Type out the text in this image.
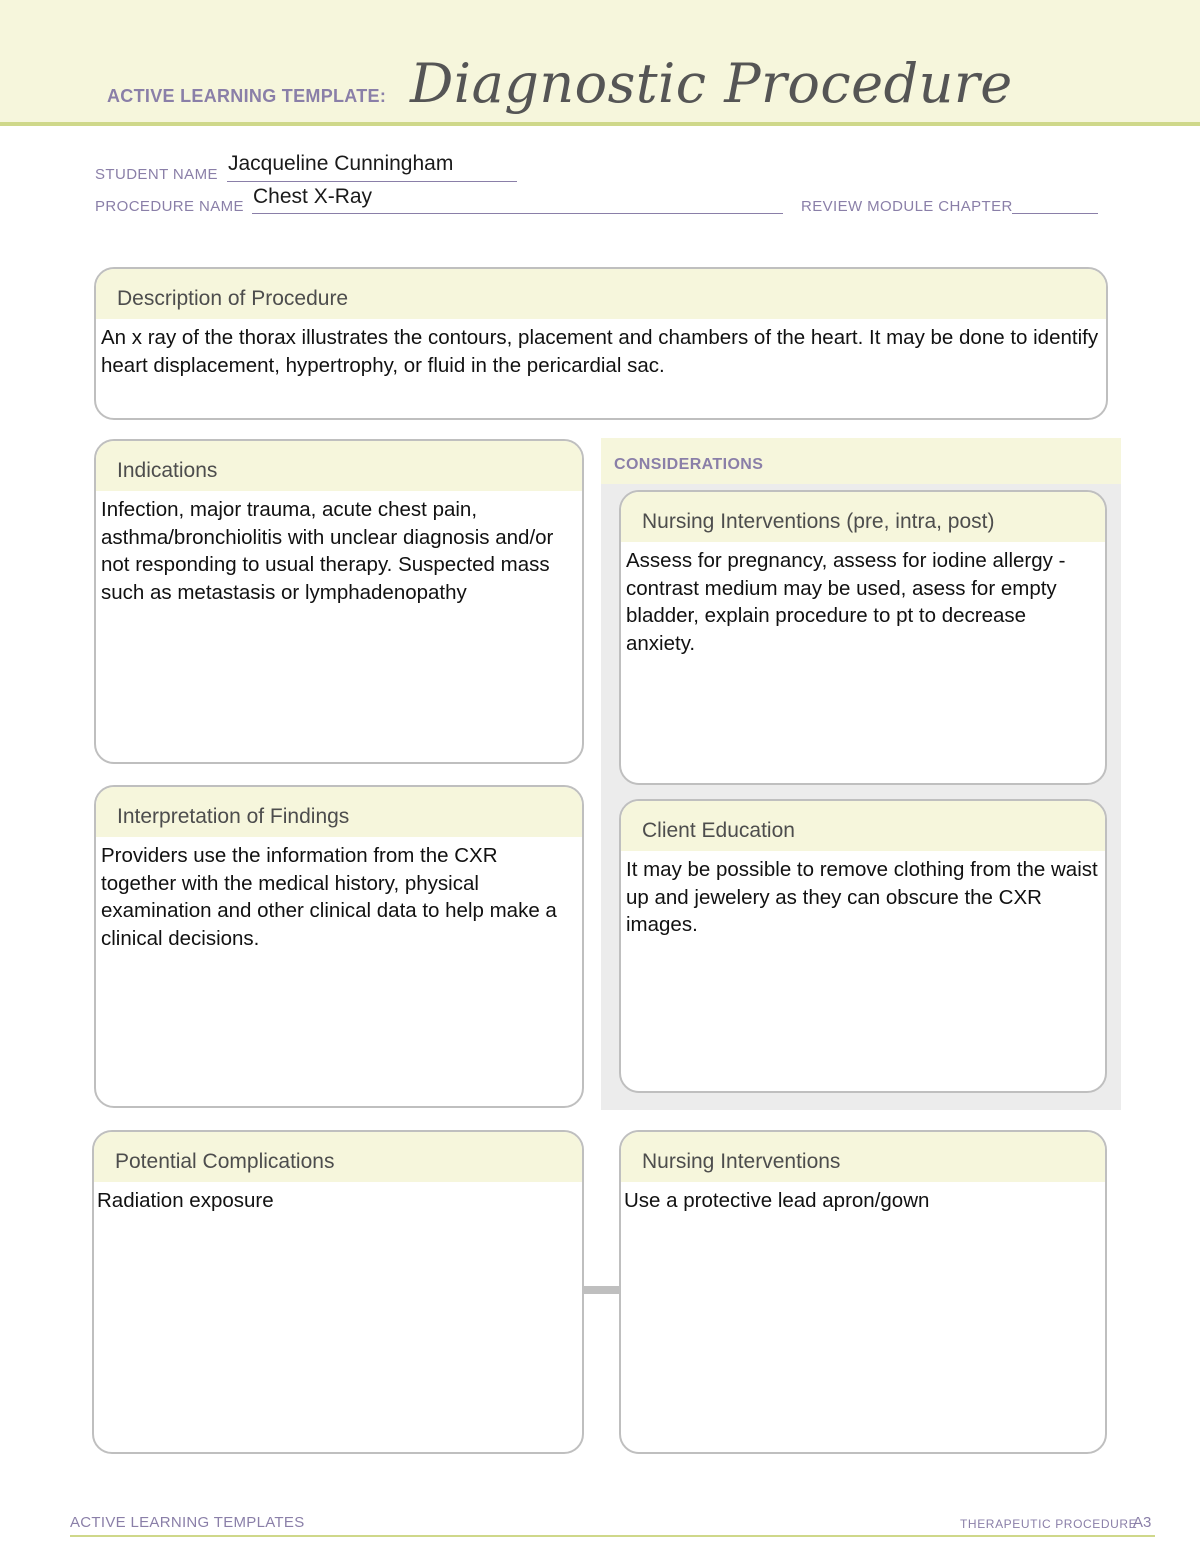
ACTIVE LEARNING TEMPLATE: Diagnostic Procedure
STUDENT NAME Jacqueline Cunningham
PROCEDURE NAME Chest X-Ray	REVIEW MODULE CHAPTER
Description of Procedure
An x ray of the thorax illustrates the contours, placement and chambers of the heart. It may be done to identify heart displacement, hypertrophy, or fluid in the pericardial sac.
Indications
Infection, major trauma, acute chest pain, asthma/bronchiolitis with unclear diagnosis and/or not responding to usual therapy. Suspected mass such as metastasis or lymphadenopathy
CONSIDERATIONS
Nursing Interventions (pre, intra, post)
Assess for pregnancy, assess for iodine allergy - contrast medium may be used, asess for empty bladder, explain procedure to pt to decrease anxiety.
Interpretation of Findings
Providers use the information from the CXR together with the medical history, physical examination and other clinical data to help make a clinical decisions.
Client Education
It may be possible to remove clothing from the waist up and jewelery as they can obscure the CXR images.
Potential Complications
Radiation exposure
Nursing Interventions
Use a protective lead apron/gown
ACTIVE LEARNING TEMPLATES	THERAPEUTIC PROCEDURE
A3
